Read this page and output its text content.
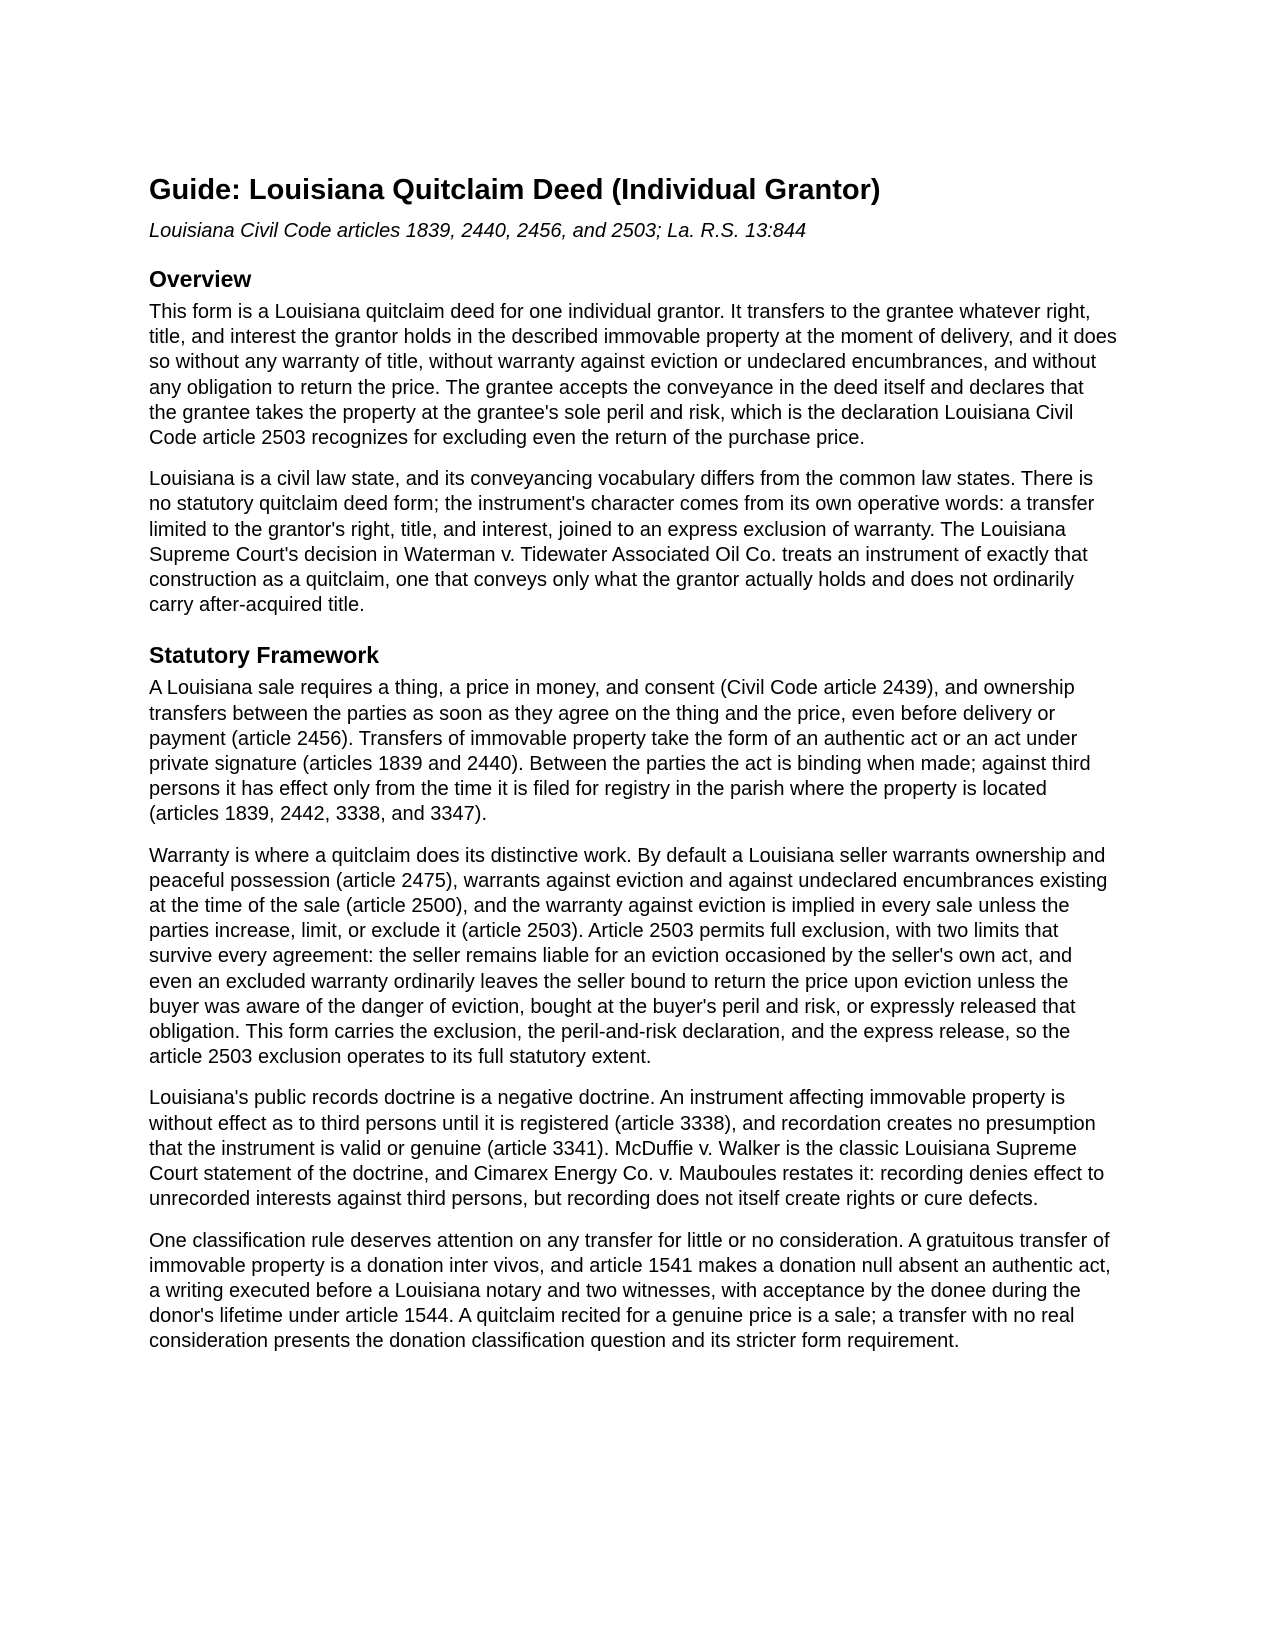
Guide: Louisiana Quitclaim Deed (Individual Grantor)

Louisiana Civil Code articles 1839, 2440, 2456, and 2503; La. R.S. 13:844

Overview

This form is a Louisiana quitclaim deed for one individual grantor. It transfers to the grantee whatever right, title, and interest the grantor holds in the described immovable property at the moment of delivery, and it does so without any warranty of title, without warranty against eviction or undeclared encumbrances, and without any obligation to return the price. The grantee accepts the conveyance in the deed itself and declares that the grantee takes the property at the grantee's sole peril and risk, which is the declaration Louisiana Civil Code article 2503 recognizes for excluding even the return of the purchase price.

Louisiana is a civil law state, and its conveyancing vocabulary differs from the common law states. There is no statutory quitclaim deed form; the instrument's character comes from its own operative words: a transfer limited to the grantor's right, title, and interest, joined to an express exclusion of warranty. The Louisiana Supreme Court's decision in Waterman v. Tidewater Associated Oil Co. treats an instrument of exactly that construction as a quitclaim, one that conveys only what the grantor actually holds and does not ordinarily carry after-acquired title.

Statutory Framework

A Louisiana sale requires a thing, a price in money, and consent (Civil Code article 2439), and ownership transfers between the parties as soon as they agree on the thing and the price, even before delivery or payment (article 2456). Transfers of immovable property take the form of an authentic act or an act under private signature (articles 1839 and 2440). Between the parties the act is binding when made; against third persons it has effect only from the time it is filed for registry in the parish where the property is located (articles 1839, 2442, 3338, and 3347).

Warranty is where a quitclaim does its distinctive work. By default a Louisiana seller warrants ownership and peaceful possession (article 2475), warrants against eviction and against undeclared encumbrances existing at the time of the sale (article 2500), and the warranty against eviction is implied in every sale unless the parties increase, limit, or exclude it (article 2503). Article 2503 permits full exclusion, with two limits that survive every agreement: the seller remains liable for an eviction occasioned by the seller's own act, and even an excluded warranty ordinarily leaves the seller bound to return the price upon eviction unless the buyer was aware of the danger of eviction, bought at the buyer's peril and risk, or expressly released that obligation. This form carries the exclusion, the peril-and-risk declaration, and the express release, so the article 2503 exclusion operates to its full statutory extent.

Louisiana's public records doctrine is a negative doctrine. An instrument affecting immovable property is without effect as to third persons until it is registered (article 3338), and recordation creates no presumption that the instrument is valid or genuine (article 3341). McDuffie v. Walker is the classic Louisiana Supreme Court statement of the doctrine, and Cimarex Energy Co. v. Mauboules restates it: recording denies effect to unrecorded interests against third persons, but recording does not itself create rights or cure defects.

One classification rule deserves attention on any transfer for little or no consideration. A gratuitous transfer of immovable property is a donation inter vivos, and article 1541 makes a donation null absent an authentic act, a writing executed before a Louisiana notary and two witnesses, with acceptance by the donee during the donor's lifetime under article 1544. A quitclaim recited for a genuine price is a sale; a transfer with no real consideration presents the donation classification question and its stricter form requirement.
